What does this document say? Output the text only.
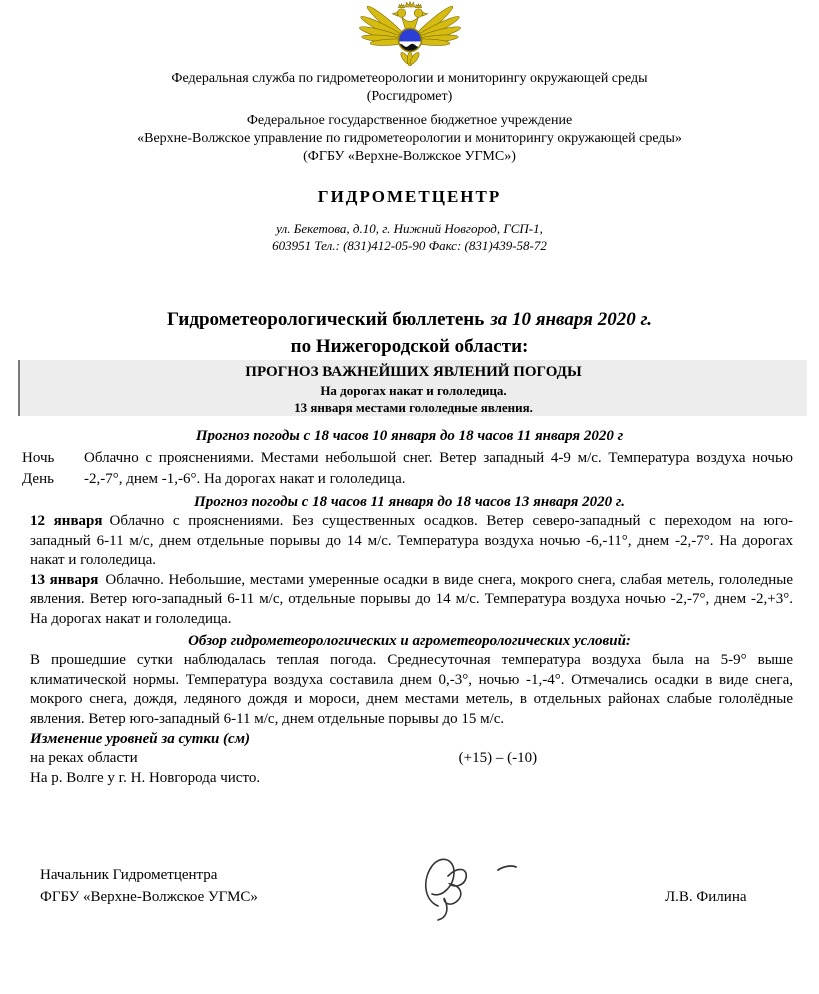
Федеральная служба по гидрометеорологии и мониторингу окружающей среды
(Росгидромет)
Федеральное государственное бюджетное учреждение
«Верхне-Волжское управление по гидрометеорологии и мониторингу окружающей среды»
(ФГБУ «Верхне-Волжское УГМС»)
ГИДРОМЕТЦЕНТР
ул. Бекетова, д.10, г. Нижний Новгород, ГСП-1,
603951 Тел.: (831)412-05-90 Факс: (831)439-58-72
Гидрометеорологический бюллетень за 10 января 2020 г.
по Нижегородской области:
ПРОГНОЗ ВАЖНЕЙШИХ ЯВЛЕНИЙ ПОГОДЫ
На дорогах накат и гололедица.
13 января местами гололедные явления.
Прогноз погоды с 18 часов 10 января до 18 часов 11 января 2020 г
Ночь
День
Облачно с прояснениями. Местами небольшой снег. Ветер западный 4-9 м/с. Температура воздуха ночью -2,-7°, днем -1,-6°. На дорогах накат и гололедица.
Прогноз погоды с 18 часов 11 января до 18 часов 13 января 2020 г.

12 января Облачно с прояснениями. Без существенных осадков. Ветер северо-западный с переходом на юго-западный 6-11 м/с, днем отдельные порывы до 14 м/с. Температура воздуха ночью -6,-11°, днем -2,-7°. На дорогах накат и гололедица.

13 января Облачно. Небольшие, местами умеренные осадки в виде снега, мокрого снега, слабая метель, гололедные явления. Ветер юго-западный 6-11 м/с, отдельные порывы до 14 м/с. Температура воздуха ночью -2,-7°, днем -2,+3°. На дорогах накат и гололедица.

Обзор гидрометеорологических и агрометеорологических условий:

В прошедшие сутки наблюдалась теплая погода. Среднесуточная температура воздуха была на 5-9° выше климатической нормы. Температура воздуха составила днем 0,-3°, ночью -1,-4°. Отмечались осадки в виде снега, мокрого снега, дождя, ледяного дождя и мороси, днем местами метель, в отдельных районах слабые гололёдные явления. Ветер юго-западный 6-11 м/с, днем отдельные порывы до 15 м/с.

Изменение уровней за сутки (см)
на реках области	(+15) – (-10)
На р. Волге у г. Н. Новгорода чисто.
Начальник Гидрометцентра
ФГБУ «Верхне-Волжское УГМС»	Л.В. Филина
